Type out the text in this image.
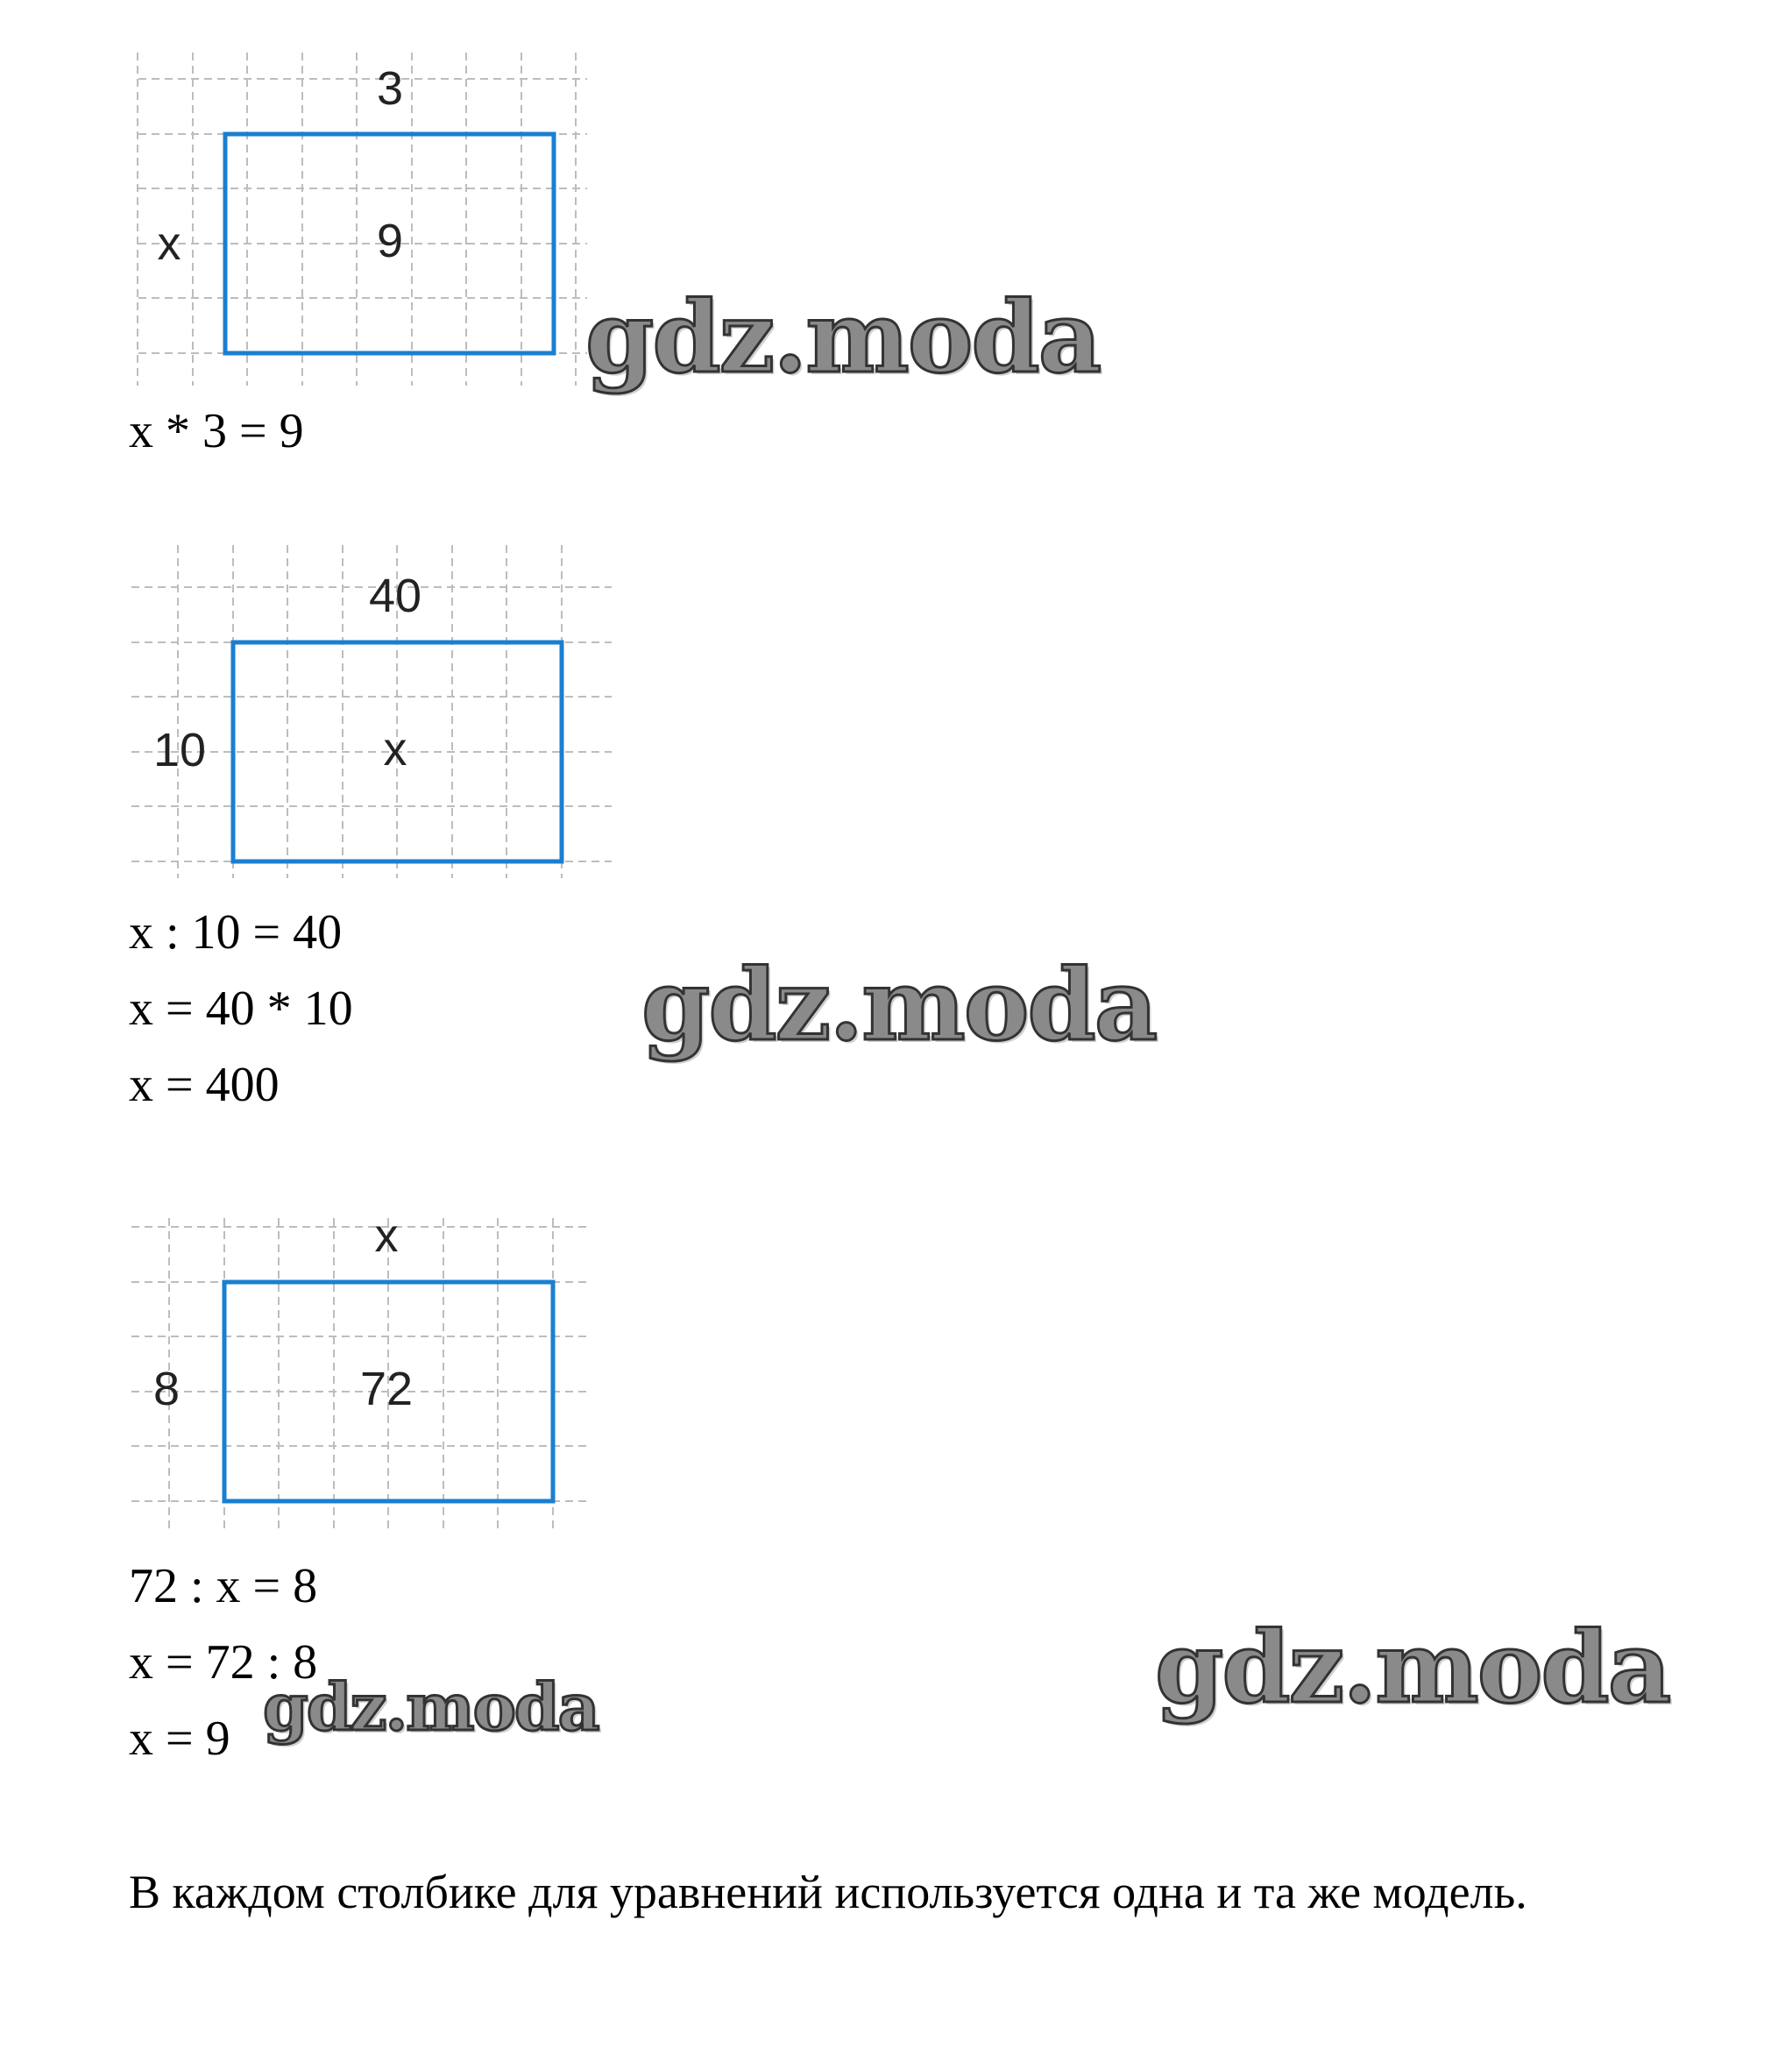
3
x	9
x * 3 = 9
gdz.moda
40
10	x
x : 10 = 40
x = 40 * 10
x = 400
gdz.moda
x
8	72
72 : x = 8
x = 72 : 8
x = 9 gdz.moda	gdz.moda
В каждом столбике для уравнений используется одна и та же модель.
